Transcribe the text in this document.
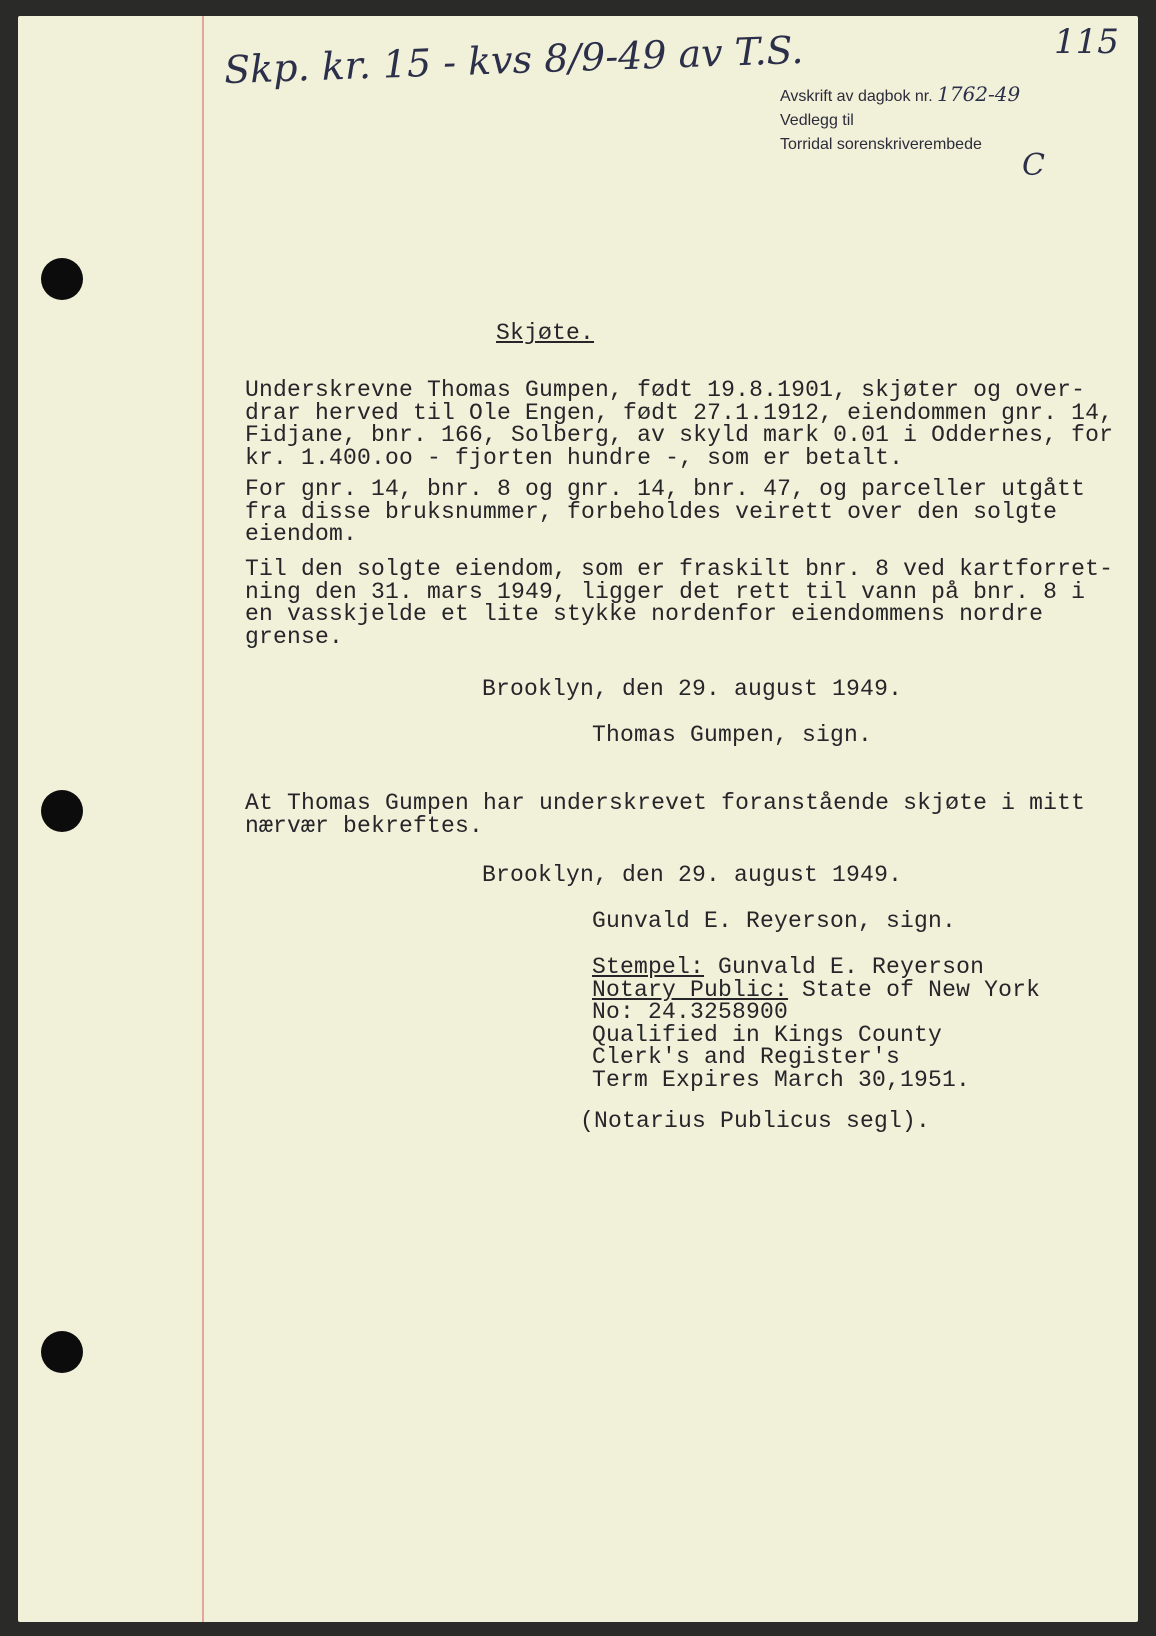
Skp. kr. 15 - kvs 8/9-49 av T.S.	115
Avskrift av dagbok nr. 1762-49
Vedlegg til
Torridal sorenskriverembede
C
Skjøte.
Underskrevne Thomas Gumpen, født 19.8.1901, skjøter og over-
drar herved til Ole Engen, født 27.1.1912, eiendommen gnr. 14,
Fidjane, bnr. 166, Solberg, av skyld mark 0.01 i Oddernes, for
kr. 1.400.oo - fjorten hundre -, som er betalt.
For gnr. 14, bnr. 8 og gnr. 14, bnr. 47, og parceller utgått
fra disse bruksnummer, forbeholdes veirett over den solgte
eiendom.
Til den solgte eiendom, som er fraskilt bnr. 8 ved kartforret-
ning den 31. mars 1949, ligger det rett til vann på bnr. 8 i
en vasskjelde et lite stykke nordenfor eiendommens nordre
grense.
Brooklyn, den 29. august 1949.
Thomas Gumpen, sign.
At Thomas Gumpen har underskrevet foranstående skjøte i mitt
nærvær bekreftes.
Brooklyn, den 29. august 1949.
Gunvald E. Reyerson, sign.
Stempel: Gunvald E. Reyerson
Notary Public: State of New York
No: 24.3258900
Qualified in Kings County
Clerk's and Register's
Term Expires March 30,1951.
(Notarius Publicus segl).
